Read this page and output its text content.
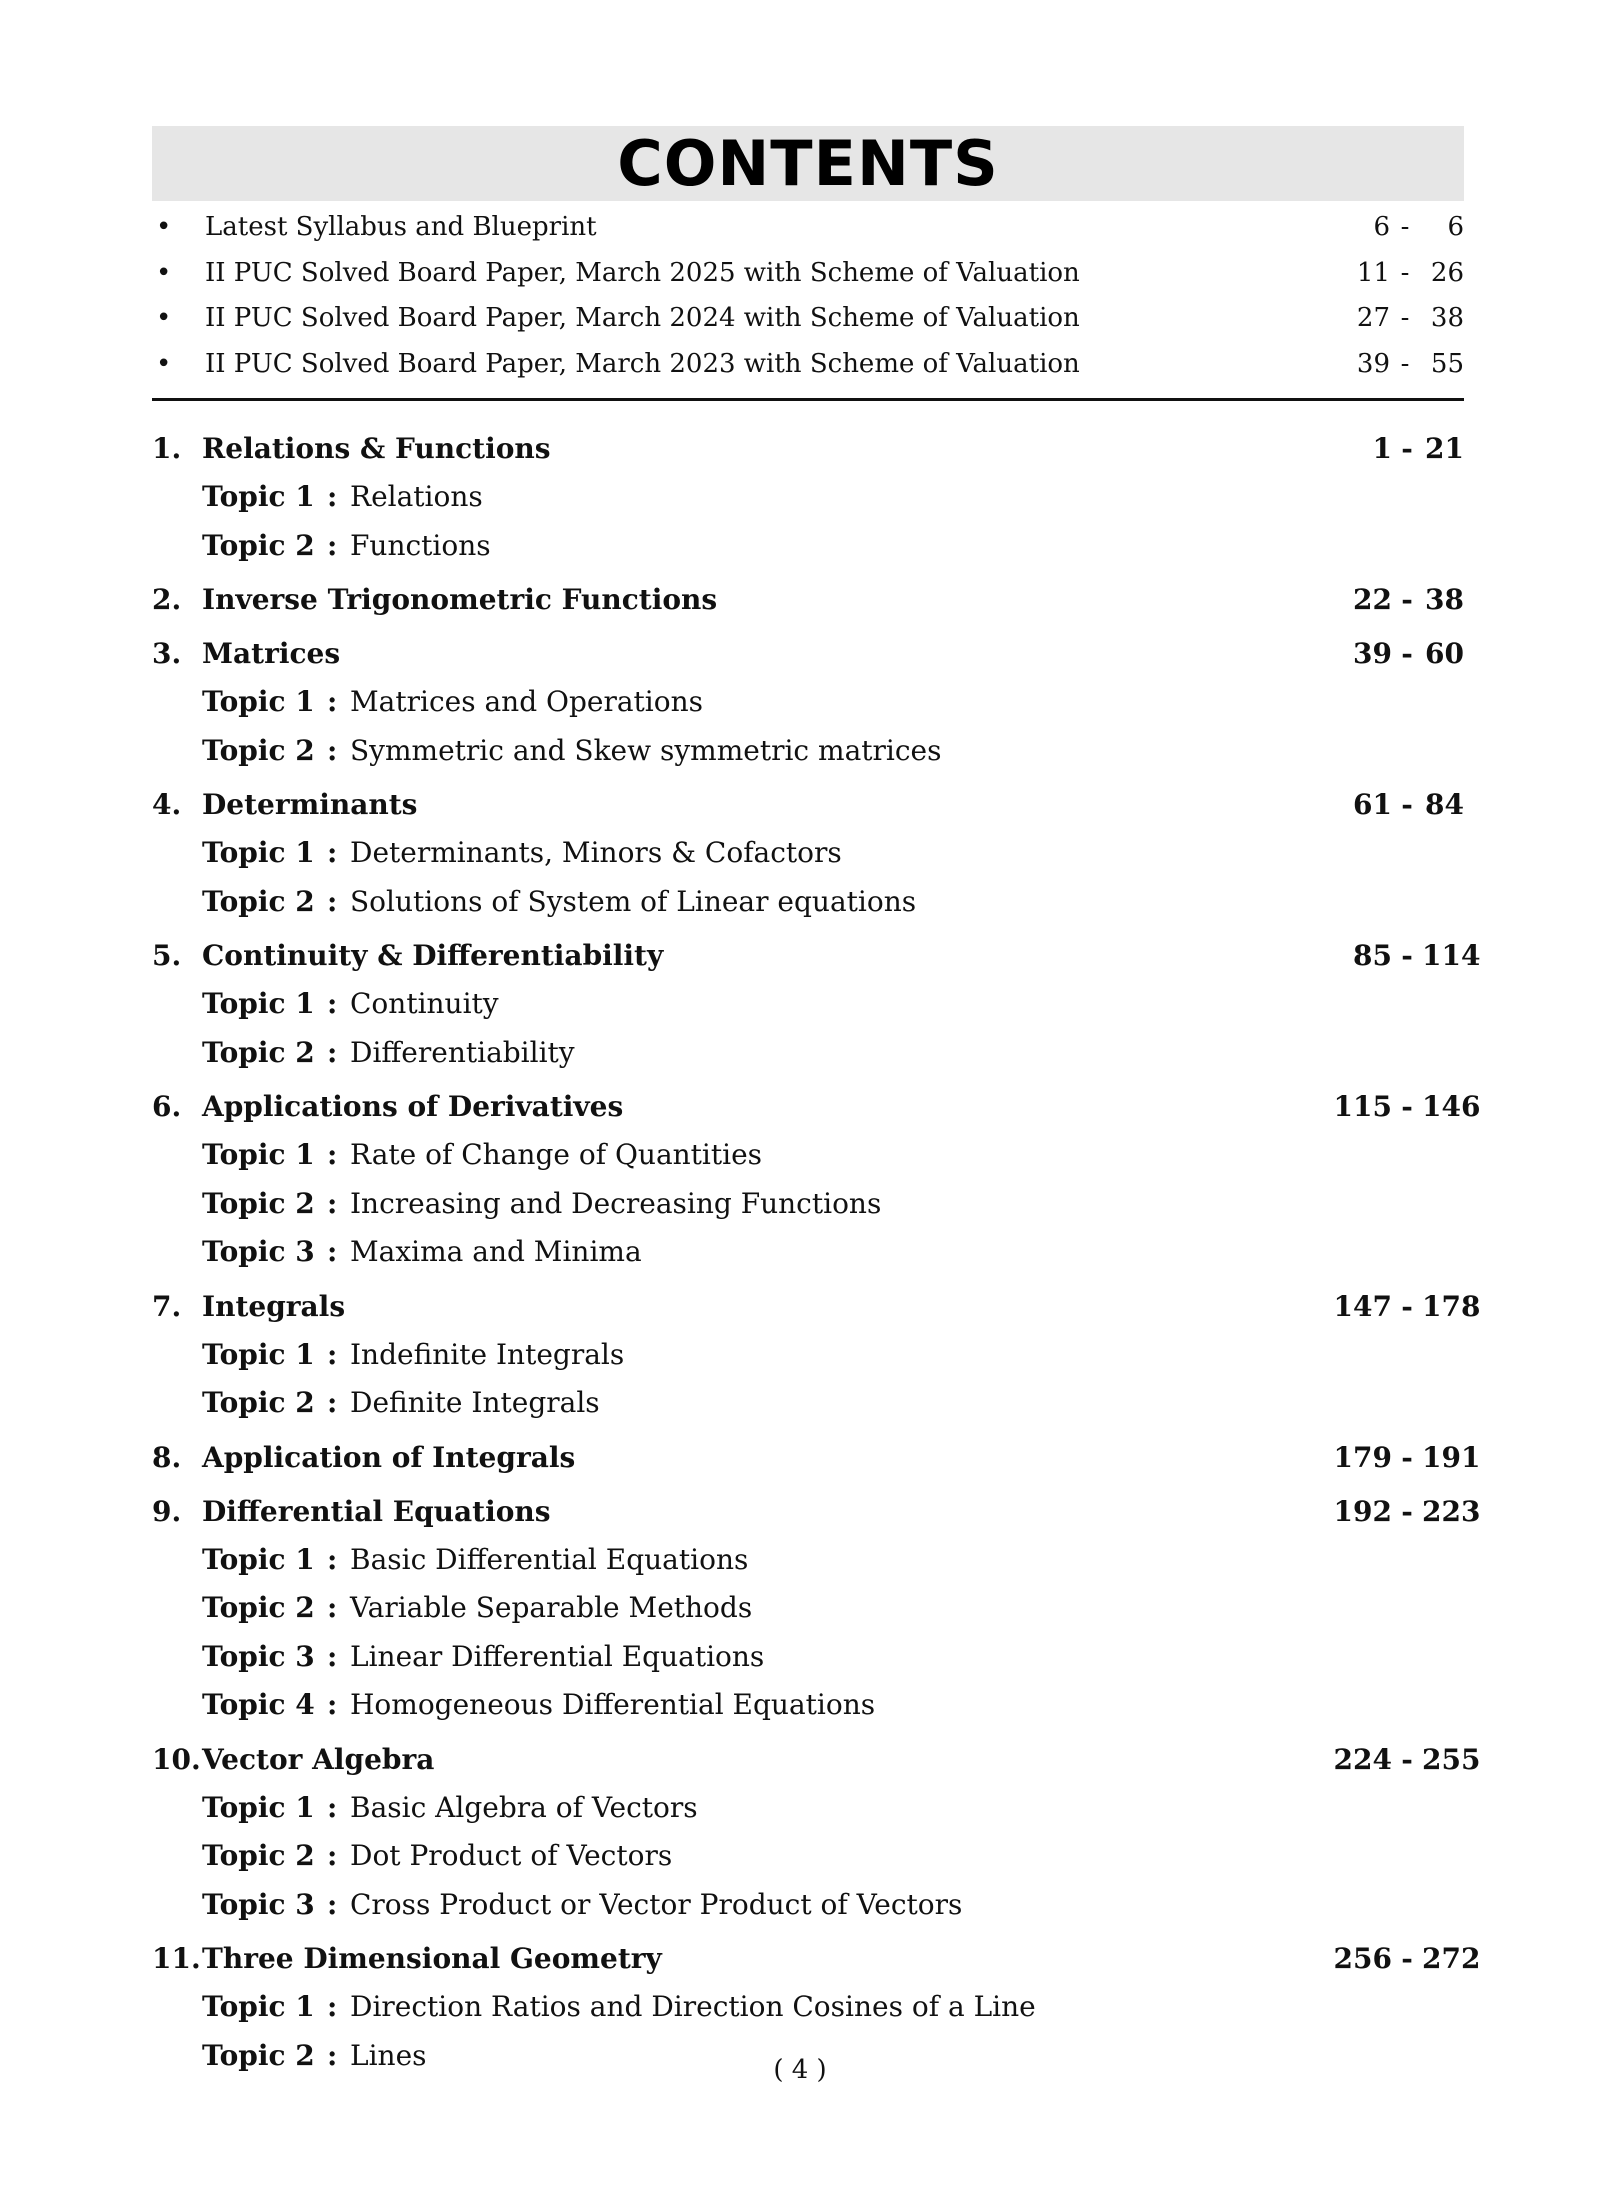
CONTENTS
• Latest Syllabus and Blueprint	6 -	6
• II PUC Solved Board Paper, March 2025 with Scheme of Valuation	11 - 26
• II PUC Solved Board Paper, March 2024 with Scheme of Valuation	27 - 38
• II PUC Solved Board Paper, March 2023 with Scheme of Valuation	39 - 55
1. Relations & Functions	1 - 21
Topic 1 : Relations
Topic 2 : Functions
2. Inverse Trigonometric Functions	22 - 38
3. Matrices	39 - 60
Topic 1 : Matrices and Operations
Topic 2 : Symmetric and Skew symmetric matrices
4. Determinants	61 - 84
Topic 1 : Determinants, Minors & Cofactors
Topic 2 : Solutions of System of Linear equations
5. Continuity & Differentiability	85 - 114
Topic 1 : Continuity
Topic 2 : Differentiability
6. Applications of Derivatives	115 - 146
Topic 1 : Rate of Change of Quantities
Topic 2 : Increasing and Decreasing Functions
Topic 3 : Maxima and Minima
7. Integrals	147 - 178
Topic 1 : Indefinite Integrals
Topic 2 : Definite Integrals
8. Application of Integrals	179 - 191
9. Differential Equations	192 - 223
Topic 1 : Basic Differential Equations
Topic 2 : Variable Separable Methods
Topic 3 : Linear Differential Equations
Topic 4 : Homogeneous Differential Equations
10. Vector Algebra	224 - 255
Topic 1 : Basic Algebra of Vectors
Topic 2 : Dot Product of Vectors
Topic 3 : Cross Product or Vector Product of Vectors
11. Three Dimensional Geometry	256 - 272
Topic 1 : Direction Ratios and Direction Cosines of a Line
Topic 2 : Lines	( 4 )
